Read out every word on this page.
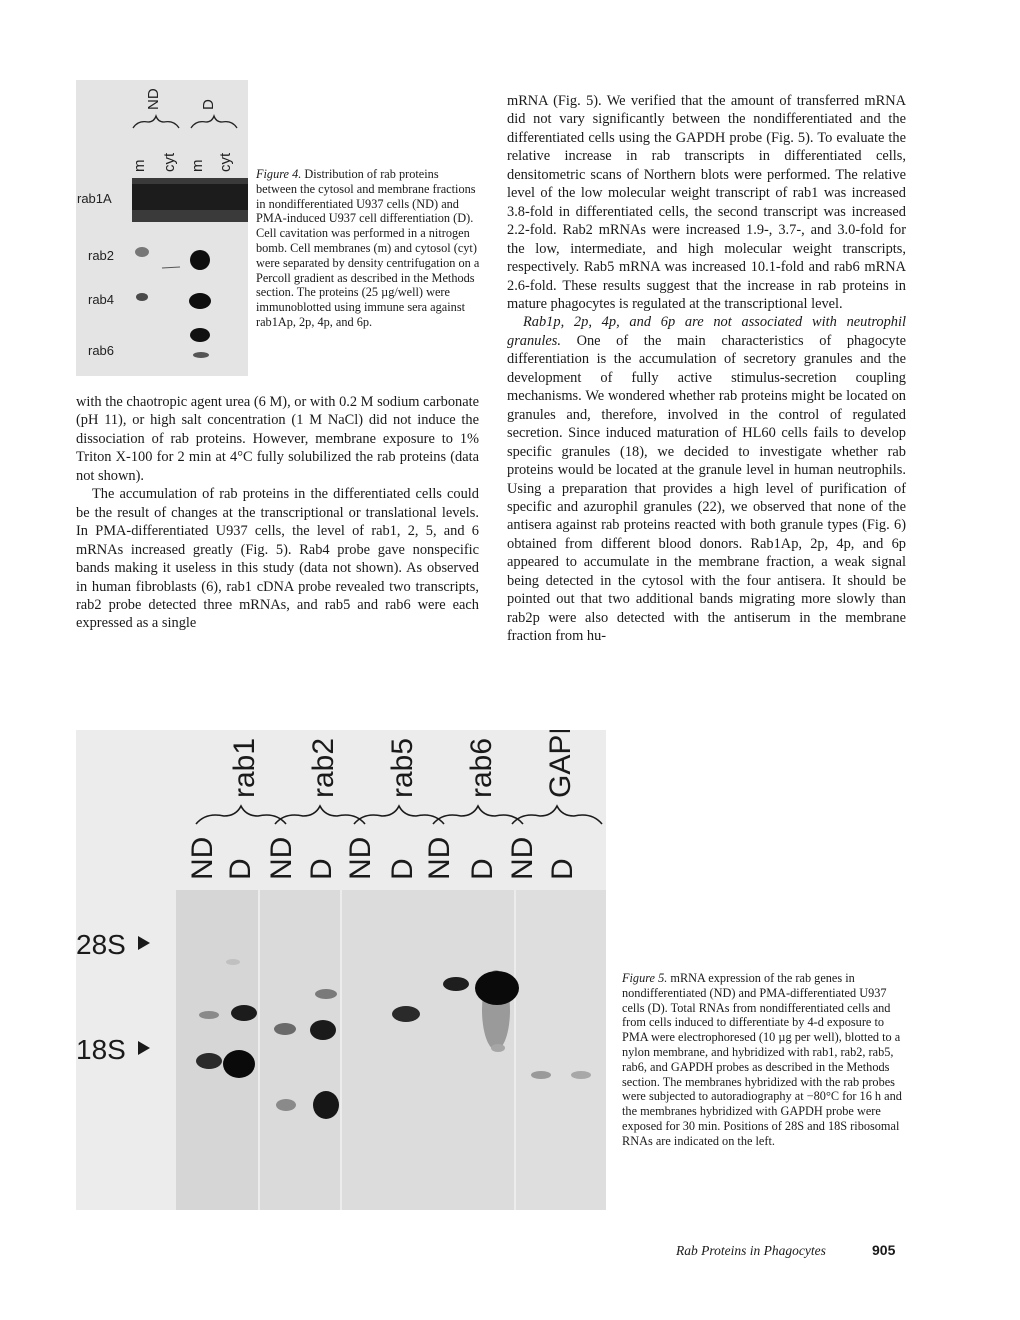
ND	D
m cyt m cyt
rab1A
rab2
rab4
rab6
Figure 4. Distribution of rab proteins between the cytosol and membrane fractions in nondifferentiated U937 cells (ND) and PMA-induced U937 cell differentiation (D). Cell cavitation was performed in a nitrogen bomb. Cell membranes (m) and cytosol (cyt) were separated by density centrifugation on a Percoll gradient as described in the Methods section. The proteins (25 µg/well) were immunoblotted using immune sera against rab1Ap, 2p, 4p, and 6p.

with the chaotropic agent urea (6 M), or with 0.2 M sodium carbonate (pH 11), or high salt concentration (1 M NaCl) did not induce the dissociation of rab proteins. However, membrane exposure to 1% Triton X-100 for 2 min at 4°C fully solubilized the rab proteins (data not shown).

The accumulation of rab proteins in the differentiated cells could be the result of changes at the transcriptional or translational levels. In PMA-differentiated U937 cells, the level of rab1, 2, 5, and 6 mRNAs increased greatly (Fig. 5). Rab4 probe gave nonspecific bands making it useless in this study (data not shown). As observed in human fibroblasts (6), rab1 cDNA probe revealed two transcripts, rab2 probe detected three mRNAs, and rab5 and rab6 were each expressed as a single

mRNA (Fig. 5). We verified that the amount of transferred mRNA did not vary significantly between the nondifferentiated and the differentiated cells using the GAPDH probe (Fig. 5). To evaluate the relative increase in rab transcripts in differentiated cells, densitometric scans of Northern blots were performed. The relative level of the low molecular weight transcript of rab1 was increased 3.8-fold in differentiated cells, the second transcript was increased 2.2-fold. Rab2 mRNAs were increased 1.9-, 3.7-, and 3.0-fold for the low, intermediate, and high molecular weight transcripts, respectively. Rab5 mRNA was increased 10.1-fold and rab6 mRNA 2.6-fold. These results suggest that the increase in rab proteins in mature phagocytes is regulated at the transcriptional level.

Rab1p, 2p, 4p, and 6p are not associated with neutrophil granules. One of the main characteristics of phagocyte differentiation is the accumulation of secretory granules and the development of fully active stimulus-secretion coupling mechanisms. We wondered whether rab proteins might be located on granules and, therefore, involved in the control of regulated secretion. Since induced maturation of HL60 cells fails to develop specific granules (18), we decided to investigate whether rab proteins would be located at the granule level in human neutrophils. Using a preparation that provides a high level of purification of specific and azurophil granules (22), we observed that none of the antisera against rab proteins reacted with both granule types (Fig. 6) obtained from different blood donors. Rab1Ap, 2p, 4p, and 6p appeared to accumulate in the membrane fraction, a weak signal being detected in the cytosol with the four antisera. It should be pointed out that two additional bands migrating more slowly than rab2p were also detected with the antiserum in the membrane fraction from hu-

rab1 rab2 rab5 rab6 GAPDH
ND D ND D ND D ND D ND D
28S
18S
Figure 5. mRNA expression of the rab genes in nondifferentiated (ND) and PMA-differentiated U937 cells (D). Total RNAs from nondifferentiated cells and from cells induced to differentiate by 4-d exposure to PMA were electrophoresed (10 µg per well), blotted to a nylon membrane, and hybridized with rab1, rab2, rab5, rab6, and GAPDH probes as described in the Methods section. The membranes hybridized with the rab probes were subjected to autoradiography at −80°C for 16 h and the membranes hybridized with GAPDH probe were exposed for 30 min. Positions of 28S and 18S ribosomal RNAs are indicated on the left.
Rab Proteins in Phagocytes	905
